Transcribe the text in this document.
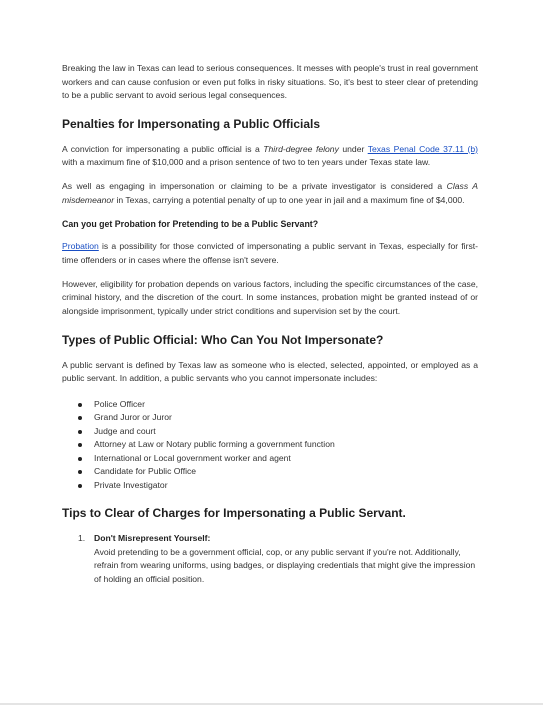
Breaking the law in Texas can lead to serious consequences. It messes with people's trust in real government workers and can cause confusion or even put folks in risky situations. So, it's best to steer clear of pretending to be a public servant to avoid serious legal consequences.

Penalties for Impersonating a Public Officials

A conviction for impersonating a public official is a Third-degree felony under Texas Penal Code 37.11 (b) with a maximum fine of $10,000 and a prison sentence of two to ten years under Texas state law.

As well as engaging in impersonation or claiming to be a private investigator is considered a Class A misdemeanor in Texas, carrying a potential penalty of up to one year in jail and a maximum fine of $4,000.

Can you get Probation for Pretending to be a Public Servant?

Probation is a possibility for those convicted of impersonating a public servant in Texas, especially for first-time offenders or in cases where the offense isn't severe.

However, eligibility for probation depends on various factors, including the specific circumstances of the case, criminal history, and the discretion of the court. In some instances, probation might be granted instead of or alongside imprisonment, typically under strict conditions and supervision set by the court.

Types of Public Official: Who Can You Not Impersonate?

A public servant is defined by Texas law as someone who is elected, selected, appointed, or employed as a public servant. In addition, a public servants who you cannot impersonate includes:

Police Officer
Grand Juror or Juror
Judge and court
Attorney at Law or Notary public forming a government function
International or Local government worker and agent
Candidate for Public Office
Private Investigator
Tips to Clear of Charges for Impersonating a Public Servant.
1. Don't Misrepresent Yourself:
Avoid pretending to be a government official, cop, or any public servant if you're not. Additionally, refrain from wearing uniforms, using badges, or displaying credentials that might give the impression of holding an official position.
